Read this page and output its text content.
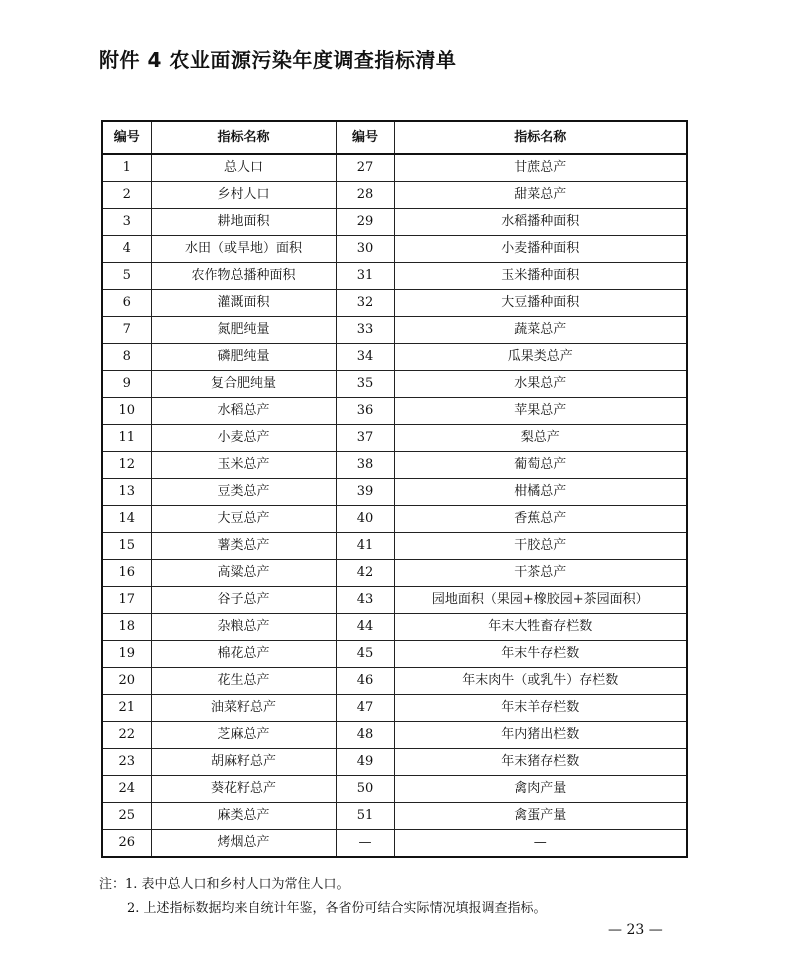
附件 4 农业面源污染年度调查指标清单
编号	指标名称	编号	指标名称
1	总人口	27	甘蔗总产
2	乡村人口	28	甜菜总产
3	耕地面积	29	水稻播种面积
4	水田（或旱地）面积	30	小麦播种面积
5	农作物总播种面积	31	玉米播种面积
6	灌溉面积	32	大豆播种面积
7	氮肥纯量	33	蔬菜总产
8	磷肥纯量	34	瓜果类总产
9	复合肥纯量	35	水果总产
10	水稻总产	36	苹果总产
11	小麦总产	37	梨总产
12	玉米总产	38	葡萄总产
13	豆类总产	39	柑橘总产
14	大豆总产	40	香蕉总产
15	薯类总产	41	干胶总产
16	高粱总产	42	干茶总产
17	谷子总产	43	园地面积（果园+橡胶园+茶园面积）
18	杂粮总产	44	年末大牲畜存栏数
19	棉花总产	45	年末牛存栏数
20	花生总产	46	年末肉牛（或乳牛）存栏数
21	油菜籽总产	47	年末羊存栏数
22	芝麻总产	48	年内猪出栏数
23	胡麻籽总产	49	年末猪存栏数
24	葵花籽总产	50	禽肉产量
25	麻类总产	51	禽蛋产量
26	烤烟总产	—	—
注：1. 表中总人口和乡村人口为常住人口。
2. 上述指标数据均来自统计年鉴，各省份可结合实际情况填报调查指标。
— 23 —
